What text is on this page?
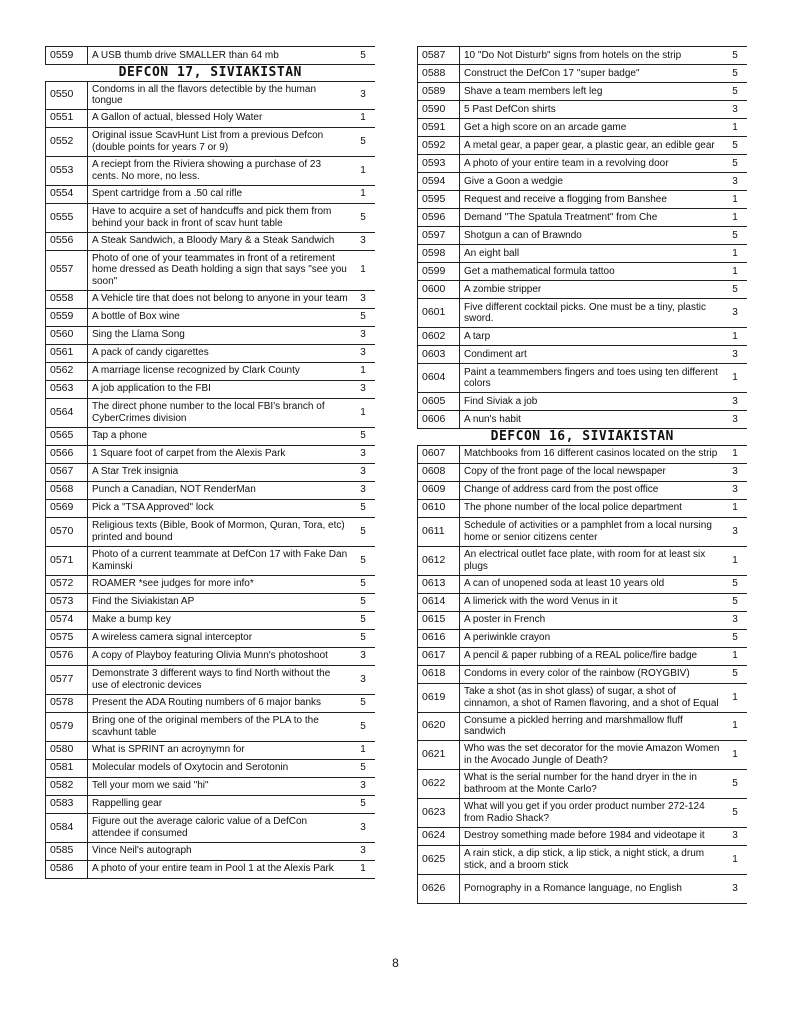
0559	A USB thumb drive SMALLER than 64 mb	5
DEFCON 17, SIVIAKISTAN		
0550	Condoms in all the flavors detectible by the human tongue	3
0551	A Gallon of actual, blessed Holy Water	1
0552	Original issue ScavHunt List from a previous Defcon (double points for years 7 or 9)	5
0553	A reciept from the Riviera showing a purchase of 23 cents. No more, no less.	1
0554	Spent cartridge from a .50 cal rifle	1
0555	Have to acquire a set of handcuffs and pick them from behind your back in front of scav hunt table	5
0556	A Steak Sandwich, a Bloody Mary & a Steak Sandwich	3
0557	Photo of one of your teammates in front of a retirement home dressed as Death holding a sign that says "see you soon"	1
0558	A Vehicle tire that does not belong to anyone in your team	3
0559	A bottle of Box wine	5
0560	Sing the Llama Song	3
0561	A pack of candy cigarettes	3
0562	A marriage license recognized by Clark County	1
0563	A job application to the FBI	3
0564	The direct phone number to the local FBI's branch of CyberCrimes division	1
0565	Tap a phone	5
0566	1 Square foot of carpet from the Alexis Park	3
0567	A Star Trek insignia	3
0568	Punch a Canadian, NOT RenderMan	3
0569	Pick a "TSA Approved" lock	5
0570	Religious texts (Bible, Book of Mormon, Quran, Tora, etc) printed and bound	5
0571	Photo of a current teammate at DefCon 17 with Fake Dan Kaminski	5
0572	ROAMER *see judges for more info*	5
0573	Find the Siviakistan AP	5
0574	Make a bump key	5
0575	A wireless camera signal interceptor	5
0576	A copy of Playboy featuring Olivia Munn's photoshoot	3
0577	Demonstrate 3 different ways to find North without the use of electronic devices	3
0578	Present the ADA Routing numbers of 6 major banks	5
0579	Bring one of the original members of the PLA to the scavhunt table	5
0580	What is SPRINT an acroynymn for	1
0581	Molecular models of Oxytocin and Serotonin	5
0582	Tell your mom we said "hi"	3
0583	Rappelling gear	5
0584	Figure out the average caloric value of a DefCon attendee if consumed	3
0585	Vince Neil's autograph	3
0586	A photo of your entire team in Pool 1 at the Alexis Park	1
0587	10 "Do Not Disturb" signs from hotels on the strip	5
0588	Construct the DefCon 17 "super badge"	5
0589	Shave a team members left leg	5
0590	5 Past DefCon shirts	3
0591	Get a high score on an arcade game	1
0592	A metal gear, a paper gear, a plastic gear, an edible gear	5
0593	A photo of your entire team in a revolving door	5
0594	Give a Goon a wedgie	3
0595	Request and receive a flogging from Banshee	1
0596	Demand "The Spatula Treatment" from Che	1
0597	Shotgun a can of Brawndo	5
0598	An eight ball	1
0599	Get a mathematical formula tattoo	1
0600	A zombie stripper	5
0601	Five different cocktail picks. One must be a tiny, plastic sword.	3
0602	A tarp	1
0603	Condiment art	3
0604	Paint a teammembers fingers and toes using ten different colors	1
0605	Find Siviak a job	3
0606	A nun's habit	3
DEFCON 16, SIVIAKISTAN		
0607	Matchbooks from 16 different casinos located on the strip	1
0608	Copy of the front page of the local newspaper	3
0609	Change of address card from the post office	3
0610	The phone number of the local police department	1
0611	Schedule of activities or a pamphlet from a local nursing home or senior citizens center	3
0612	An electrical outlet face plate, with room for at least six plugs	1
0613	A can of unopened soda at least 10 years old	5
0614	A limerick with the word Venus in it	5
0615	A poster in French	3
0616	A periwinkle crayon	5
0617	A pencil & paper rubbing of a REAL police/fire badge	1
0618	Condoms in every color of the rainbow (ROYGBIV)	5
0619	Take a shot (as in shot glass) of sugar, a shot of cinnamon, a shot of Ramen flavoring, and a shot of Equal	1
0620	Consume a pickled herring and marshmallow fluff sandwich	1
0621	Who was the set decorator for the movie Amazon Women in the Avocado Jungle of Death?	1
0622	What is the serial number for the hand dryer in the in bathroom at the Monte Carlo?	5
0623	What will you get if you order product number 272-124 from Radio Shack?	5
0624	Destroy something made before 1984 and videotape it	3
0625	A rain stick, a dip stick, a lip stick, a night stick, a drum stick, and a broom stick	1
0626	Pornography in a Romance language, no English	3
8
